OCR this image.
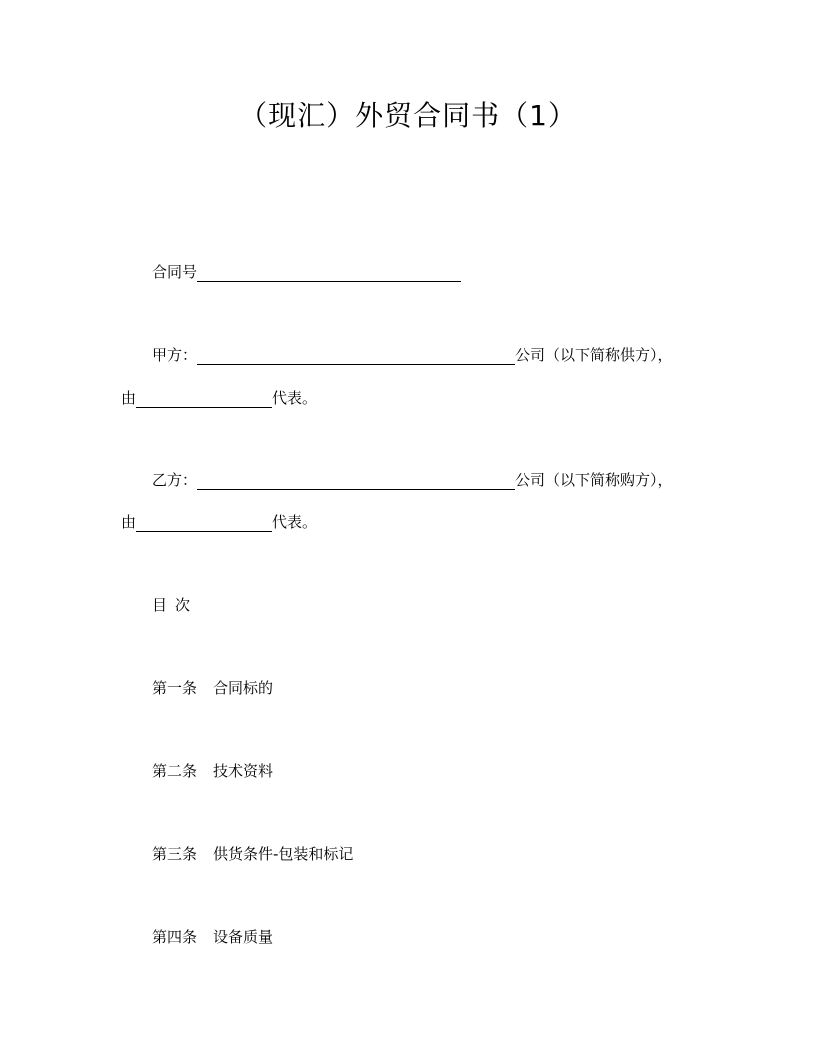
（现汇）外贸合同书（1）
合同号
甲方：	公司（以下简称供方），
由	代表。
乙方：	公司（以下简称购方），
由	代表。
目次
第一条 合同标的
第二条 技术资料
第三条 供货条件-包装和标记
第四条 设备质量
